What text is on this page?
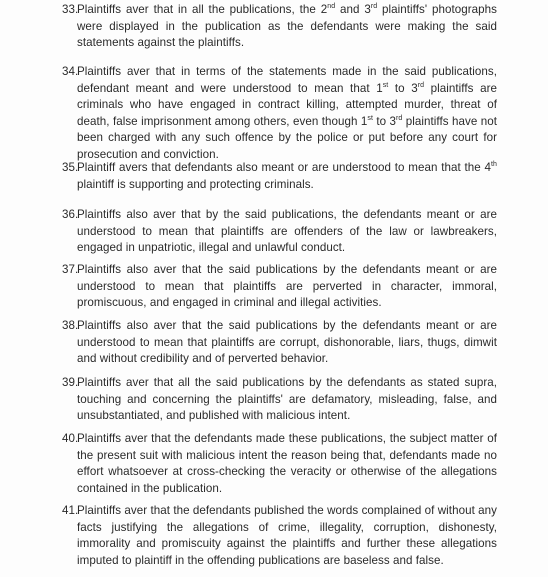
33.
Plaintiffs aver that in all the publications, the 2nd and 3rd plaintiffs' photographs
were displayed in the publication as the defendants were making the said
statements against the plaintiffs.
34.
Plaintiffs aver that in terms of the statements made in the said publications,
defendant meant and were understood to mean that 1st to 3rd plaintiffs are
criminals who have engaged in contract killing, attempted murder, threat of
death, false imprisonment among others, even though 1st to 3rd plaintiffs have not
been charged with any such offence by the police or put before any court for
prosecution and conviction.
35.
Plaintiff avers that defendants also meant or are understood to mean that the 4th
plaintiff is supporting and protecting criminals.
36.
Plaintiffs also aver that by the said publications, the defendants meant or are
understood to mean that plaintiffs are offenders of the law or lawbreakers,
engaged in unpatriotic, illegal and unlawful conduct.
37.
Plaintiffs also aver that the said publications by the defendants meant or are
understood to mean that plaintiffs are perverted in character, immoral,
promiscuous, and engaged in criminal and illegal activities.
38.
Plaintiffs also aver that the said publications by the defendants meant or are
understood to mean that plaintiffs are corrupt, dishonorable, liars, thugs, dimwit
and without credibility and of perverted behavior.
39.
Plaintiffs aver that all the said publications by the defendants as stated supra,
touching and concerning the plaintiffs' are defamatory, misleading, false, and
unsubstantiated, and published with malicious intent.
40.
Plaintiffs aver that the defendants made these publications, the subject matter of
the present suit with malicious intent the reason being that, defendants made no
effort whatsoever at cross-checking the veracity or otherwise of the allegations
contained in the publication.
41.
Plaintiffs aver that the defendants published the words complained of without any
facts justifying the allegations of crime, illegality, corruption, dishonesty,
immorality and promiscuity against the plaintiffs and further these allegations
imputed to plaintiff in the offending publications are baseless and false.
